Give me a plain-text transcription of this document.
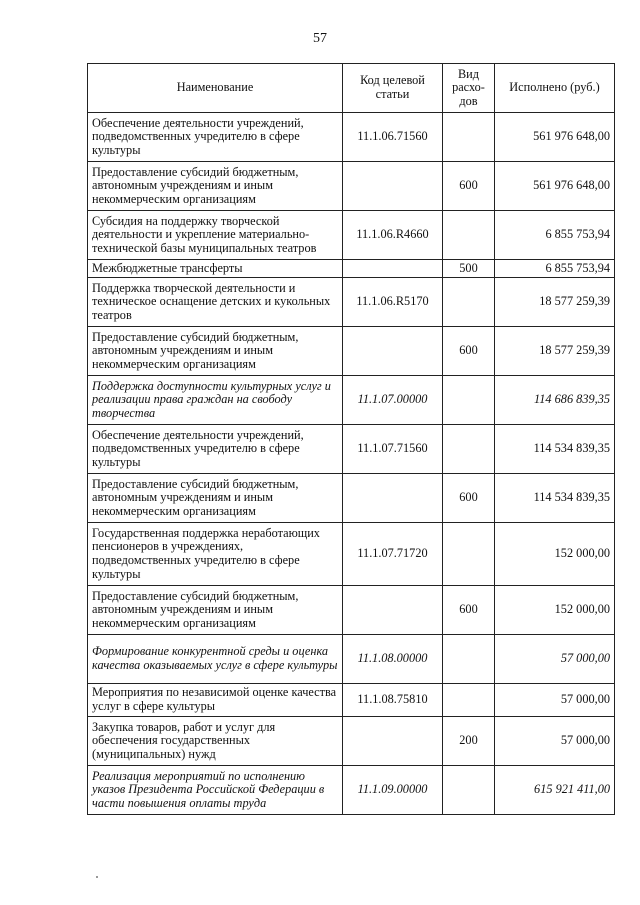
57
Наименование	Код целевой статьи	Вид расхо-дов	Исполнено (руб.)
Обеспечение деятельности учреждений, подведомственных учредителю в сфере культуры	11.1.06.71560		561 976 648,00
Предоставление субсидий бюджетным, автономным учреждениям и иным некоммерческим организациям		600	561 976 648,00
Субсидия на поддержку творческой деятельности и укрепление материально-технической базы муниципальных театров	11.1.06.R4660		6 855 753,94
Межбюджетные трансферты		500	6 855 753,94
Поддержка творческой деятельности и техническое оснащение детских и кукольных театров	11.1.06.R5170		18 577 259,39
Предоставление субсидий бюджетным, автономным учреждениям и иным некоммерческим организациям		600	18 577 259,39
Поддержка доступности культурных услуг и реализации права граждан на свободу творчества	11.1.07.00000		114 686 839,35
Обеспечение деятельности учреждений, подведомственных учредителю в сфере культуры	11.1.07.71560		114 534 839,35
Предоставление субсидий бюджетным, автономным учреждениям и иным некоммерческим организациям		600	114 534 839,35
Государственная поддержка неработающих пенсионеров в учреждениях, подведомственных учредителю в сфере культуры	11.1.07.71720		152 000,00
Предоставление субсидий бюджетным, автономным учреждениям и иным некоммерческим организациям		600	152 000,00
Формирование конкурентной среды и оценка качества оказываемых услуг в сфере культуры	11.1.08.00000		57 000,00
Мероприятия по независимой оценке качества услуг в сфере культуры	11.1.08.75810		57 000,00
Закупка товаров, работ и услуг для обеспечения государственных (муниципальных) нужд		200	57 000,00
Реализация мероприятий по исполнению указов Президента Российской Федерации в части повышения оплаты труда	11.1.09.00000		615 921 411,00
